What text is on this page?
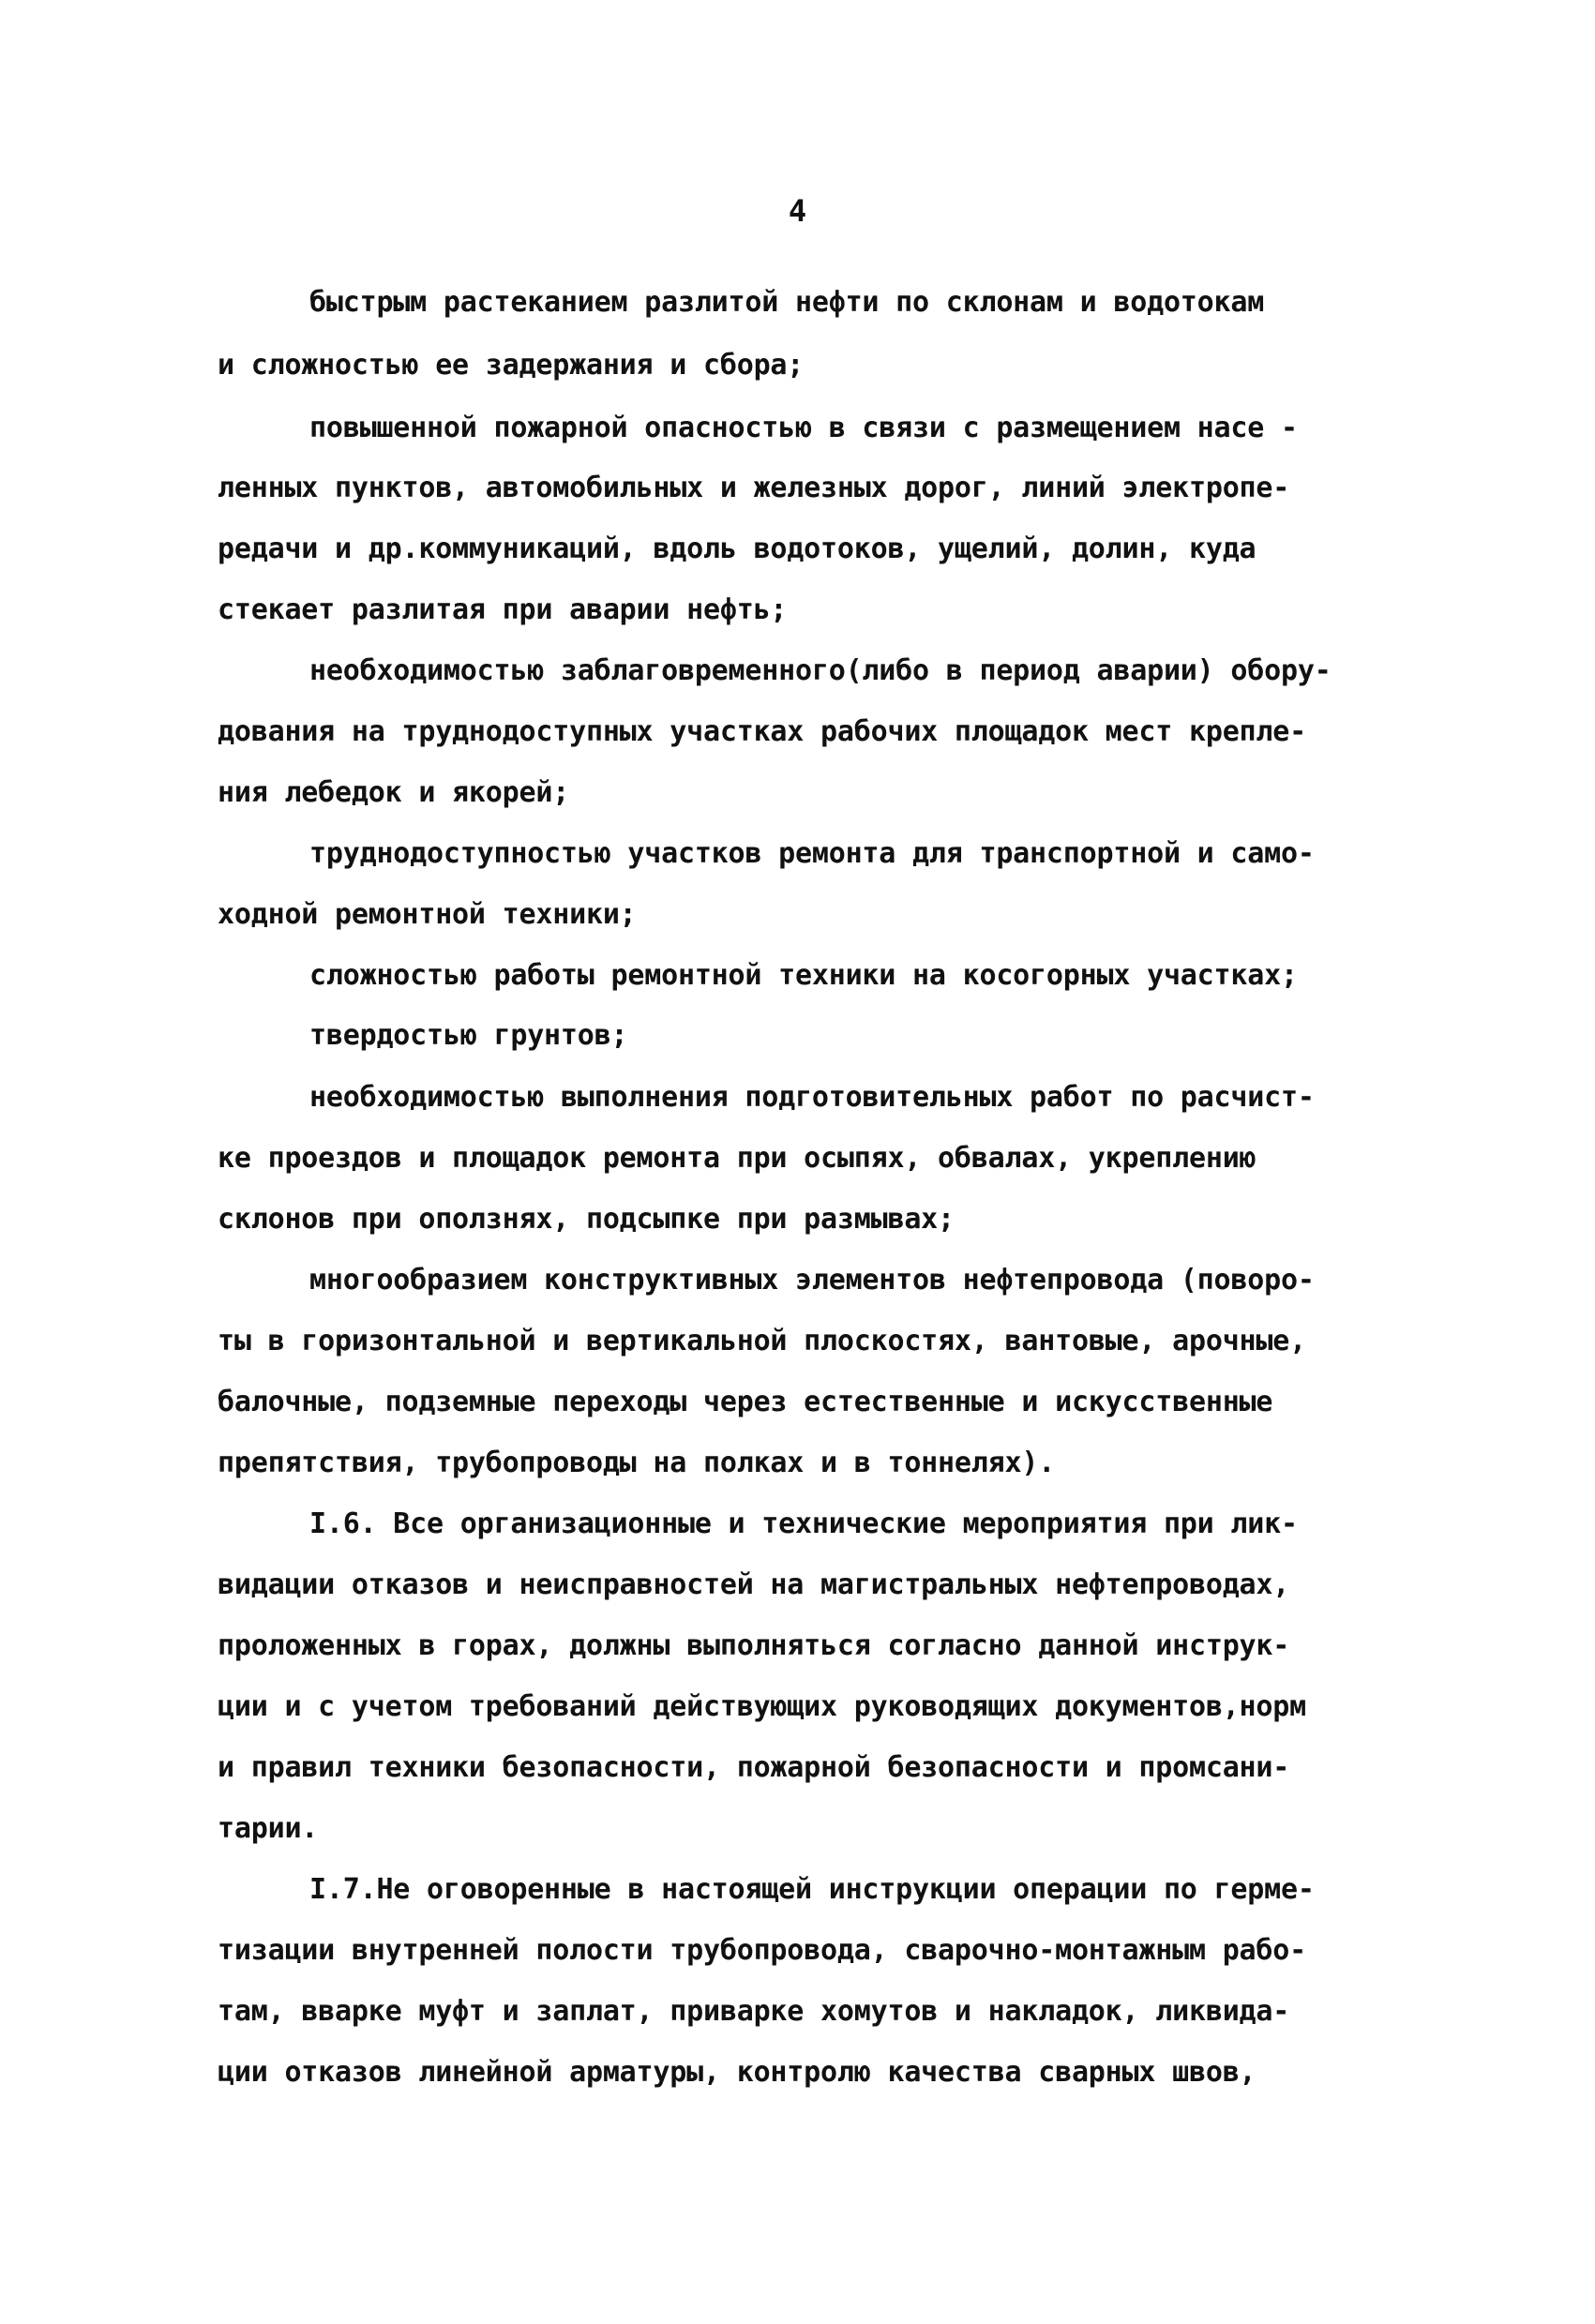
4
быстрым растеканием разлитой нефти по склонам и водотокам
и сложностью ее задержания и сбора;
повышенной пожарной опасностью в связи с размещением насе -
ленных пунктов, автомобильных и железных дорог, линий электропе-
редачи и др.коммуникаций, вдоль водотоков, ущелий, долин, куда
стекает разлитая при аварии нефть;
необходимостью заблаговременного(либо в период аварии) обору-
дования на труднодоступных участках рабочих площадок мест крепле-
ния лебедок и якорей;
труднодоступностью участков ремонта для транспортной и само-
ходной ремонтной техники;
сложностью работы ремонтной техники на косогорных участках;
твердостью грунтов;
необходимостью выполнения подготовительных работ по расчист-
ке проездов и площадок ремонта при осыпях, обвалах, укреплению
склонов при оползнях, подсыпке при размывах;
многообразием конструктивных элементов нефтепровода (поворо-
ты в горизонтальной и вертикальной плоскостях, вантовые, арочные,
балочные, подземные переходы через естественные и искусственные
препятствия, трубопроводы на полках и в тоннелях).
I.6. Все организационные и технические мероприятия при лик-
видации отказов и неисправностей на магистральных нефтепроводах,
проложенных в горах, должны выполняться согласно данной инструк-
ции и с учетом требований действующих руководящих документов,норм
и правил техники безопасности, пожарной безопасности и промсани-
тарии.
I.7.Не оговоренные в настоящей инструкции операции по герме-
тизации внутренней полости трубопровода, сварочно-монтажным рабо-
там, вварке муфт и заплат, приварке хомутов и накладок, ликвида-
ции отказов линейной арматуры, контролю качества сварных швов,
